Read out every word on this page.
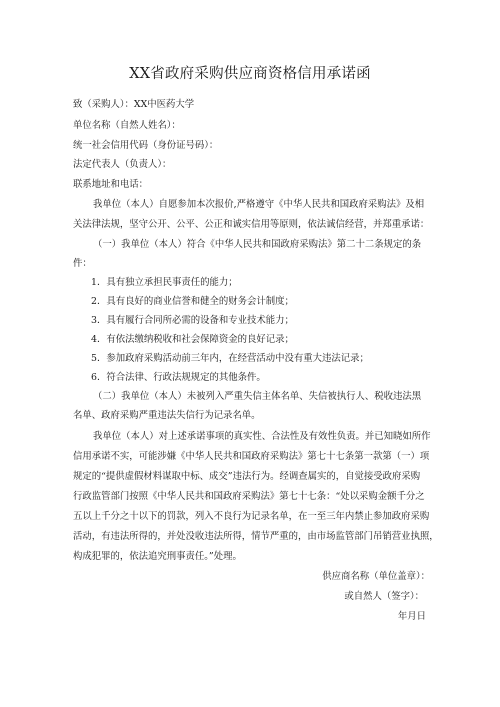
XX省政府采购供应商资格信用承诺函
致（采购人）：XX中医药大学
单位名称（自然人姓名）：
统一社会信用代码（身份证号码）：
法定代表人（负责人）：
联系地址和电话：
我单位（本人）自愿参加本次报价,严格遵守《中华人民共和国政府采购法》及相
关法律法规，坚守公开、公平、公正和诚实信用等原则，依法诚信经营，并郑重承诺：
（一）我单位（本人）符合《中华人民共和国政府采购法》第二十二条规定的条
件：
1．具有独立承担民事责任的能力；
2．具有良好的商业信誉和健全的财务会计制度；
3．具有履行合同所必需的设备和专业技术能力；
4．有依法缴纳税收和社会保障资金的良好记录；
5．参加政府采购活动前三年内，在经营活动中没有重大违法记录；
6．符合法律、行政法规规定的其他条件。
（二）我单位（本人）未被列入严重失信主体名单、失信被执行人、税收违法黑
名单、政府采购严重违法失信行为记录名单。
我单位（本人）对上述承诺事项的真实性、合法性及有效性负责。并已知晓如所作
信用承诺不实，可能涉嫌《中华人民共和国政府采购法》第七十七条第一款第（一）项
规定的“提供虚假材料谋取中标、成交”违法行为。经调查属实的，自觉接受政府采购
行政监管部门按照《中华人民共和国政府采购法》第七十七条：“处以采购金额千分之
五以上千分之十以下的罚款，列入不良行为记录名单，在一至三年内禁止参加政府采购
活动，有违法所得的，并处没收违法所得，情节严重的，由市场监管部门吊销营业执照，
构成犯罪的，依法追究刑事责任。”处理。
供应商名称（单位盖章）：
或自然人（签字）：
年月日
